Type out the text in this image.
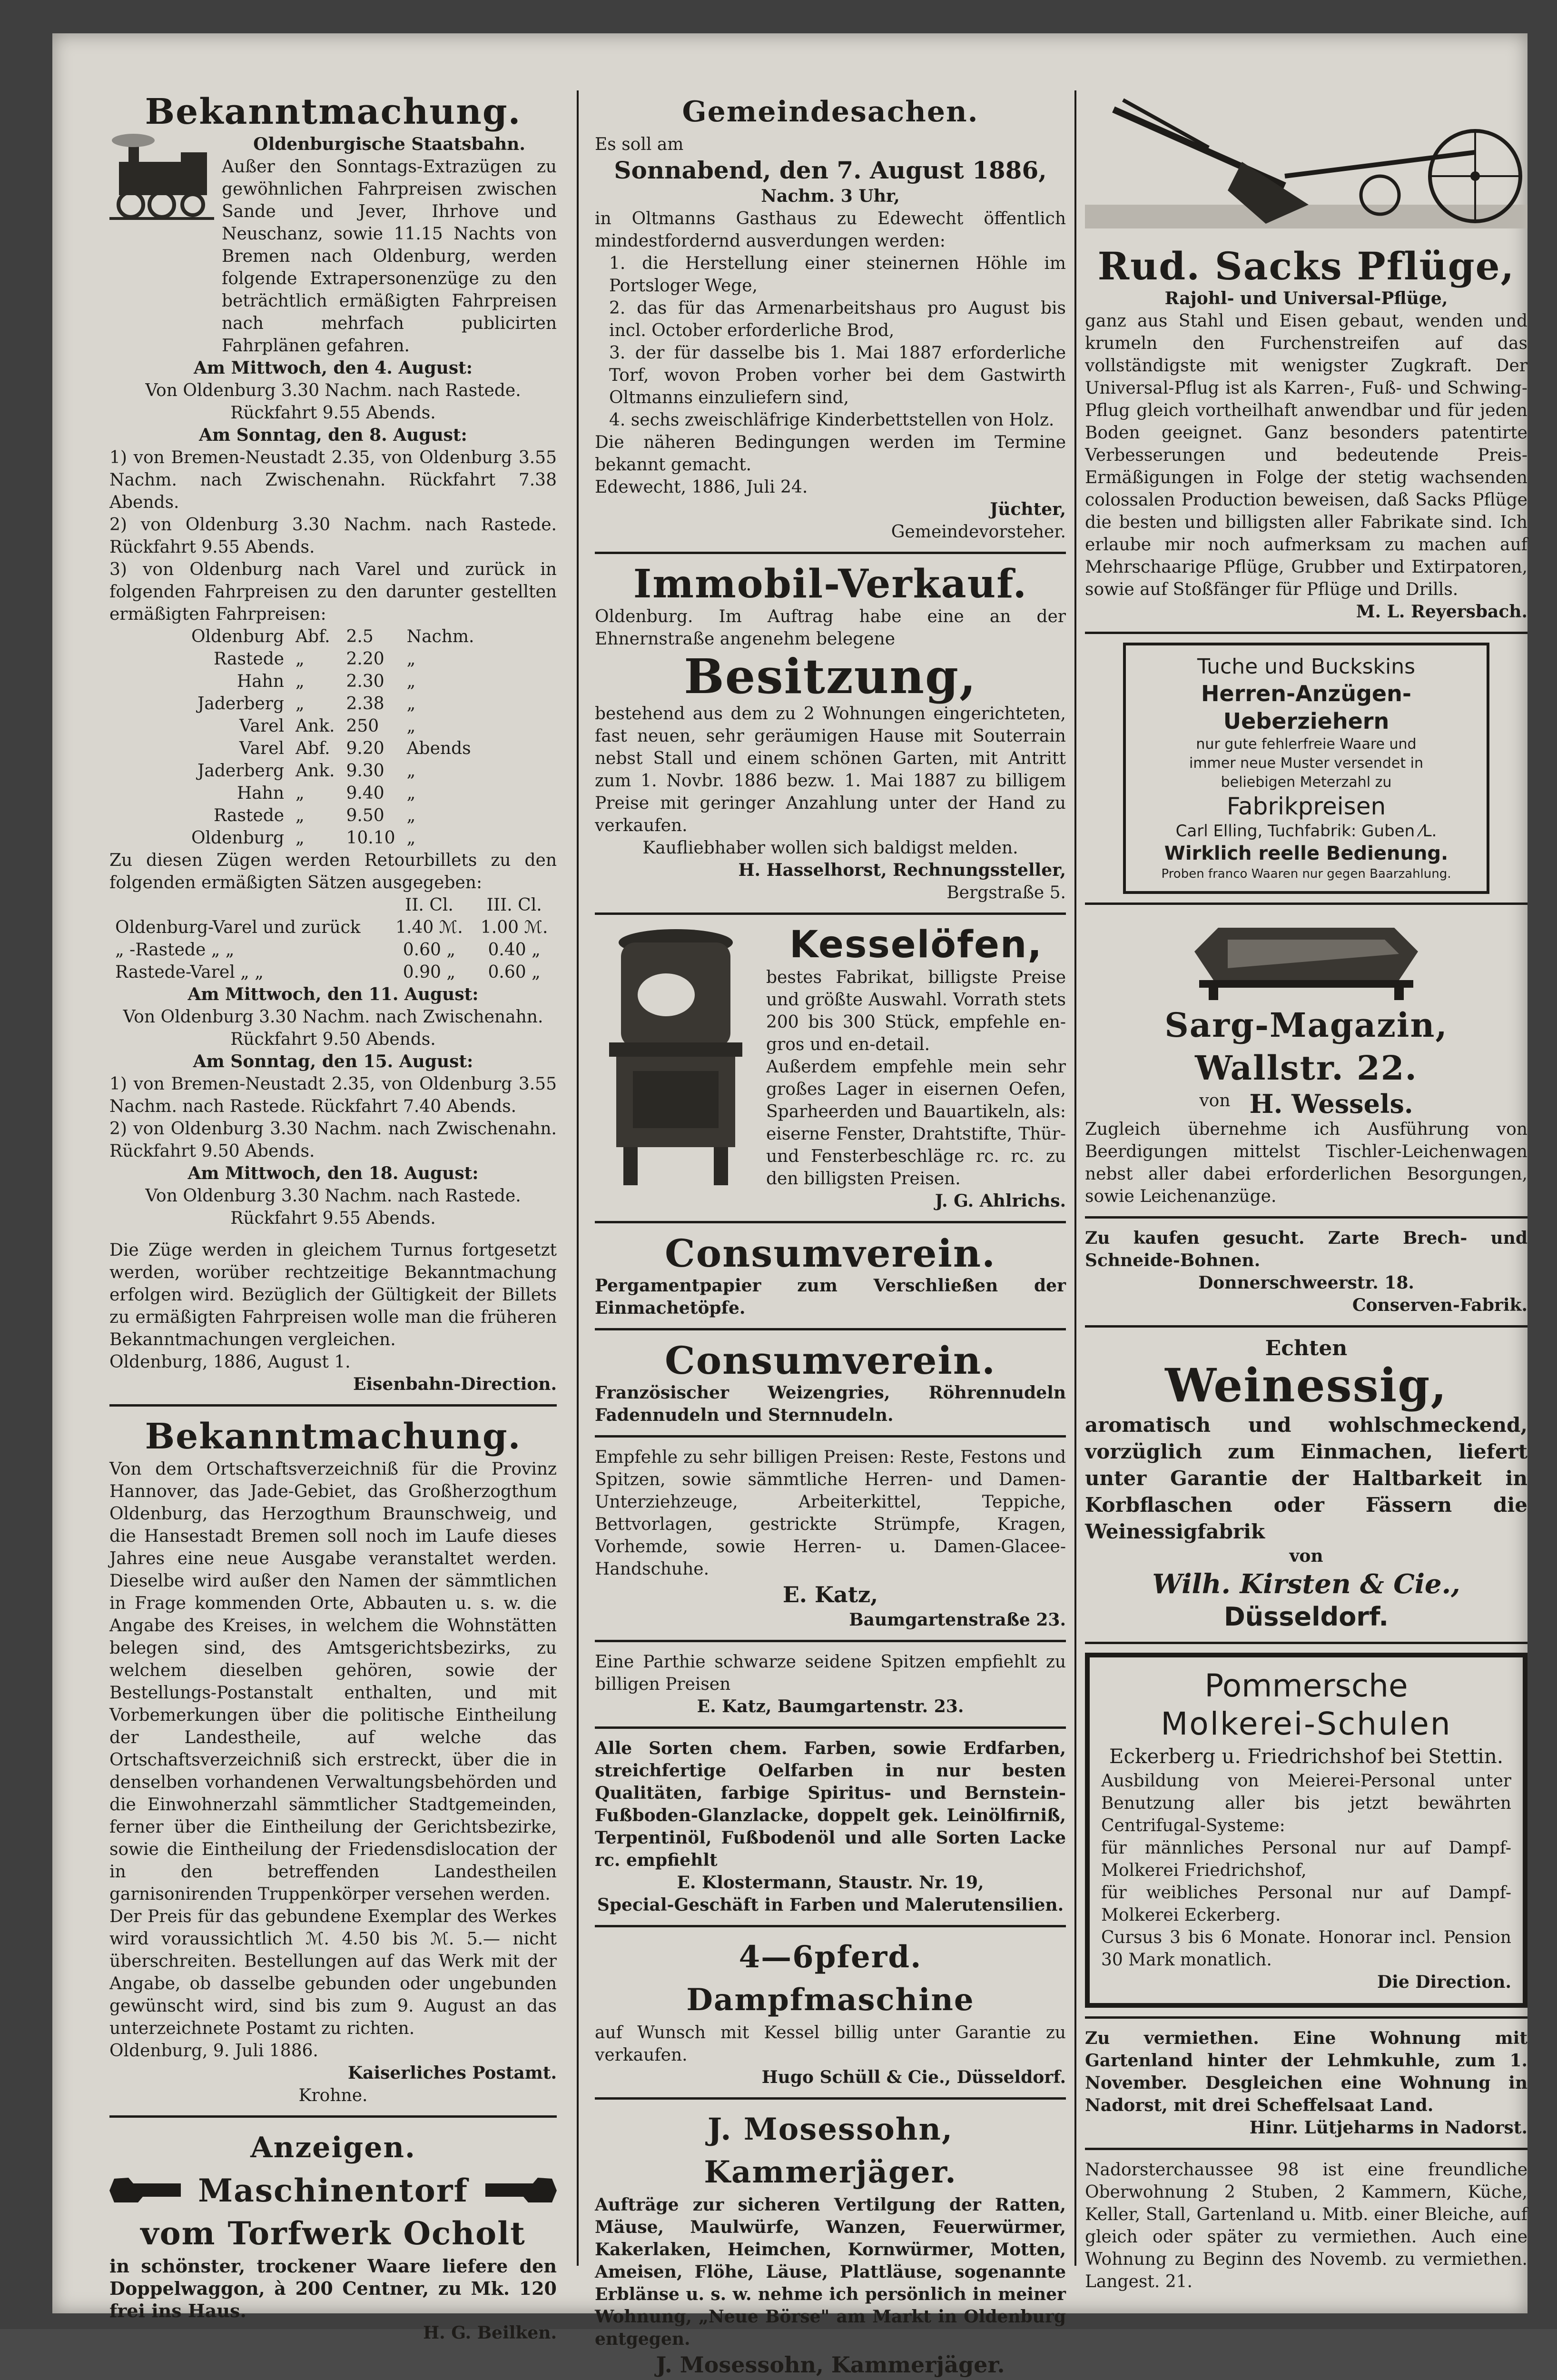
Bekanntmachung.

Oldenburgische Staatsbahn.

Außer den Sonntags-Extrazügen zu gewöhnlichen Fahrpreisen zwischen Sande und Jever, Ihrhove und Neuschanz, sowie 11.15 Nachts von Bremen nach Oldenburg, werden folgende Extrapersonenzüge zu den beträchtlich ermäßigten Fahrpreisen nach mehrfach publicirten Fahrplänen gefahren.

Am Mittwoch, den 4. August:

Von Oldenburg 3.30 Nachm. nach Rastede.

Rückfahrt 9.55 Abends.

Am Sonntag, den 8. August:

1) von Bremen-Neustadt 2.35, von Oldenburg 3.55 Nachm. nach Zwischenahn. Rückfahrt 7.38 Abends.

2) von Oldenburg 3.30 Nachm. nach Rastede. Rückfahrt 9.55 Abends.

3) von Oldenburg nach Varel und zurück in folgenden Fahrpreisen zu den darunter gestellten ermäßigten Fahrpreisen:

Oldenburg	Abf.	2.5	Nachm.
Rastede	„	2.20	„
Hahn	„	2.30	„
Jaderberg	„	2.38	„
Varel	Ank.	250	„
Varel	Abf.	9.20	Abends
Jaderberg	Ank.	9.30	„
Hahn	„	9.40	„
Rastede	„	9.50	„
Oldenburg	„	10.10	„

Zu diesen Zügen werden Retourbillets zu den folgenden ermäßigten Sätzen ausgegeben:

	II. Cl.	III. Cl.
Oldenburg-Varel und zurück	1.40 ℳ.	1.00 ℳ.
„ -Rastede „ „	0.60 „	0.40 „
Rastede-Varel „ „	0.90 „	0.60 „

Am Mittwoch, den 11. August:

Von Oldenburg 3.30 Nachm. nach Zwischenahn.

Rückfahrt 9.50 Abends.

Am Sonntag, den 15. August:

1) von Bremen-Neustadt 2.35, von Oldenburg 3.55 Nachm. nach Rastede. Rückfahrt 7.40 Abends.

2) von Oldenburg 3.30 Nachm. nach Zwischenahn. Rückfahrt 9.50 Abends.

Am Mittwoch, den 18. August:

Von Oldenburg 3.30 Nachm. nach Rastede.

Rückfahrt 9.55 Abends.

Die Züge werden in gleichem Turnus fortgesetzt werden, worüber rechtzeitige Bekanntmachung erfolgen wird. Bezüglich der Gültigkeit der Billets zu ermäßigten Fahrpreisen wolle man die früheren Bekanntmachungen vergleichen.

Oldenburg, 1886, August 1.

Eisenbahn-Direction.

Bekanntmachung.

Von dem Ortschaftsverzeichniß für die Provinz Hannover, das Jade-Gebiet, das Großherzogthum Oldenburg, das Herzogthum Braunschweig, und die Hansestadt Bremen soll noch im Laufe dieses Jahres eine neue Ausgabe veranstaltet werden. Dieselbe wird außer den Namen der sämmtlichen in Frage kommenden Orte, Abbauten u. s. w. die Angabe des Kreises, in welchem die Wohnstätten belegen sind, des Amtsgerichtsbezirks, zu welchem dieselben gehören, sowie der Bestellungs-Postanstalt enthalten, und mit Vorbemerkungen über die politische Eintheilung der Landestheile, auf welche das Ortschaftsverzeichniß sich erstreckt, über die in denselben vorhandenen Verwaltungsbehörden und die Einwohnerzahl sämmtlicher Stadtgemeinden, ferner über die Eintheilung der Gerichtsbezirke, sowie die Eintheilung der Friedensdislocation der in den betreffenden Landestheilen garnisonirenden Truppenkörper versehen werden.

Der Preis für das gebundene Exemplar des Werkes wird voraussichtlich ℳ. 4.50 bis ℳ. 5.— nicht überschreiten. Bestellungen auf das Werk mit der Angabe, ob dasselbe gebunden oder ungebunden gewünscht wird, sind bis zum 9. August an das unterzeichnete Postamt zu richten.

Oldenburg, 9. Juli 1886.

Kaiserliches Postamt.

Krohne.

Anzeigen.

Maschinentorf

vom Torfwerk Ocholt

in schönster, trockener Waare liefere den Doppelwaggon, à 200 Centner, zu Mk. 120 frei ins Haus.

H. G. Beilken.

Gemeindesachen.

Es soll am

Sonnabend, den 7. August 1886,

Nachm. 3 Uhr,

in Oltmanns Gasthaus zu Edewecht öffentlich mindestfordernd ausverdungen werden:

1. die Herstellung einer steinernen Höhle im Portsloger Wege,

2. das für das Armenarbeitshaus pro August bis incl. October erforderliche Brod,

3. der für dasselbe bis 1. Mai 1887 erforderliche Torf, wovon Proben vorher bei dem Gastwirth Oltmanns einzuliefern sind,

4. sechs zweischläfrige Kinderbettstellen von Holz.

Die näheren Bedingungen werden im Termine bekannt gemacht.

Edewecht, 1886, Juli 24.

Jüchter,

Gemeindevorsteher.

Immobil-Verkauf.

Oldenburg. Im Auftrag habe eine an der Ehnernstraße angenehm belegene

Besitzung,

bestehend aus dem zu 2 Wohnungen eingerichteten, fast neuen, sehr geräumigen Hause mit Souterrain nebst Stall und einem schönen Garten, mit Antritt zum 1. Novbr. 1886 bezw. 1. Mai 1887 zu billigem Preise mit geringer Anzahlung unter der Hand zu verkaufen.

Kaufliebhaber wollen sich baldigst melden.

H. Hasselhorst, Rechnungssteller,

Bergstraße 5.

Kesselöfen,

bestes Fabrikat, billigste Preise und größte Auswahl. Vorrath stets 200 bis 300 Stück, empfehle en-gros und en-detail.

Außerdem empfehle mein sehr großes Lager in eisernen Oefen, Sparheerden und Bauartikeln, als: eiserne Fenster, Drahtstifte, Thür- und Fensterbeschläge rc. rc. zu den billigsten Preisen.

J. G. Ahlrichs.

Consumverein.

Pergamentpapier zum Verschließen der Einmachetöpfe.

Consumverein.

Französischer Weizengries, Röhrennudeln Fadennudeln und Sternnudeln.

Empfehle zu sehr billigen Preisen: Reste, Festons und Spitzen, sowie sämmtliche Herren- und Damen-Unterziehzeuge, Arbeiterkittel, Teppiche, Bettvorlagen, gestrickte Strümpfe, Kragen, Vorhemde, sowie Herren- u. Damen-Glacee-Handschuhe.

E. Katz,

Baumgartenstraße 23.

Eine Parthie schwarze seidene Spitzen empfiehlt zu billigen Preisen

E. Katz, Baumgartenstr. 23.

Alle Sorten chem. Farben, sowie Erdfarben, streichfertige Oelfarben in nur besten Qualitäten, farbige Spiritus- und Bernstein-Fußboden-Glanzlacke, doppelt gek. Leinölfirniß, Terpentinöl, Fußbodenöl und alle Sorten Lacke rc. empfiehlt

E. Klostermann, Staustr. Nr. 19,

Special-Geschäft in Farben und Malerutensilien.

4—6pferd. Dampfmaschine

auf Wunsch mit Kessel billig unter Garantie zu verkaufen.

Hugo Schüll & Cie., Düsseldorf.

J. Mosessohn, Kammerjäger.

Aufträge zur sicheren Vertilgung der Ratten, Mäuse, Maulwürfe, Wanzen, Feuerwürmer, Kakerlaken, Heimchen, Kornwürmer, Motten, Ameisen, Flöhe, Läuse, Plattläuse, sogenannte Erblänse u. s. w. nehme ich persönlich in meiner Wohnung, „Neue Börse" am Markt in Oldenburg entgegen.

J. Mosessohn, Kammerjäger.

Rud. Sacks Pflüge,

Rajohl- und Universal-Pflüge,

ganz aus Stahl und Eisen gebaut, wenden und krumeln den Furchenstreifen auf das vollständigste mit wenigster Zugkraft. Der Universal-Pflug ist als Karren-, Fuß- und Schwing-Pflug gleich vortheilhaft anwendbar und für jeden Boden geeignet. Ganz besonders patentirte Verbesserungen und bedeutende Preis-Ermäßigungen in Folge der stetig wachsenden colossalen Production beweisen, daß Sacks Pflüge die besten und billigsten aller Fabrikate sind. Ich erlaube mir noch aufmerksam zu machen auf Mehrschaarige Pflüge, Grubber und Extirpatoren, sowie auf Stoßfänger für Pflüge und Drills.

M. L. Reyersbach.

Tuche und Buckskins

Herren-Anzügen-Ueberziehern

nur gute fehlerfreie Waare und

immer neue Muster versendet in

beliebigen Meterzahl zu

Fabrikpreisen

Carl Elling, Tuchfabrik: Guben ⁄L.

Wirklich reelle Bedienung.

Proben franco Waaren nur gegen Baarzahlung.

Sarg-Magazin, Wallstr. 22.

von H. Wessels.

Zugleich übernehme ich Ausführung von Beerdigungen mittelst Tischler-Leichenwagen nebst aller dabei erforderlichen Besorgungen, sowie Leichenanzüge.

Zu kaufen gesucht. Zarte Brech- und Schneide-Bohnen.

Donnerschweerstr. 18.

Conserven-Fabrik.

Echten

Weinessig,

aromatisch und wohlschmeckend, vorzüglich zum Einmachen, liefert unter Garantie der Haltbarkeit in Korbflaschen oder Fässern die Weinessigfabrik

von

Wilh. Kirsten & Cie.,

Düsseldorf.

Pommersche

Molkerei-Schulen

Eckerberg u. Friedrichshof bei Stettin.

Ausbildung von Meierei-Personal unter Benutzung aller bis jetzt bewährten Centrifugal-Systeme:

für männliches Personal nur auf Dampf-Molkerei Friedrichshof,

für weibliches Personal nur auf Dampf-Molkerei Eckerberg.

Cursus 3 bis 6 Monate. Honorar incl. Pension 30 Mark monatlich.

Die Direction.

Zu vermiethen. Eine Wohnung mit Gartenland hinter der Lehmkuhle, zum 1. November. Desgleichen eine Wohnung in Nadorst, mit drei Scheffelsaat Land.

Hinr. Lütjeharms in Nadorst.

Nadorsterchaussee 98 ist eine freundliche Oberwohnung 2 Stuben, 2 Kammern, Küche, Keller, Stall, Gartenland u. Mitb. einer Bleiche, auf gleich oder später zu vermiethen. Auch eine Wohnung zu Beginn des Novemb. zu vermiethen. Langest. 21.
